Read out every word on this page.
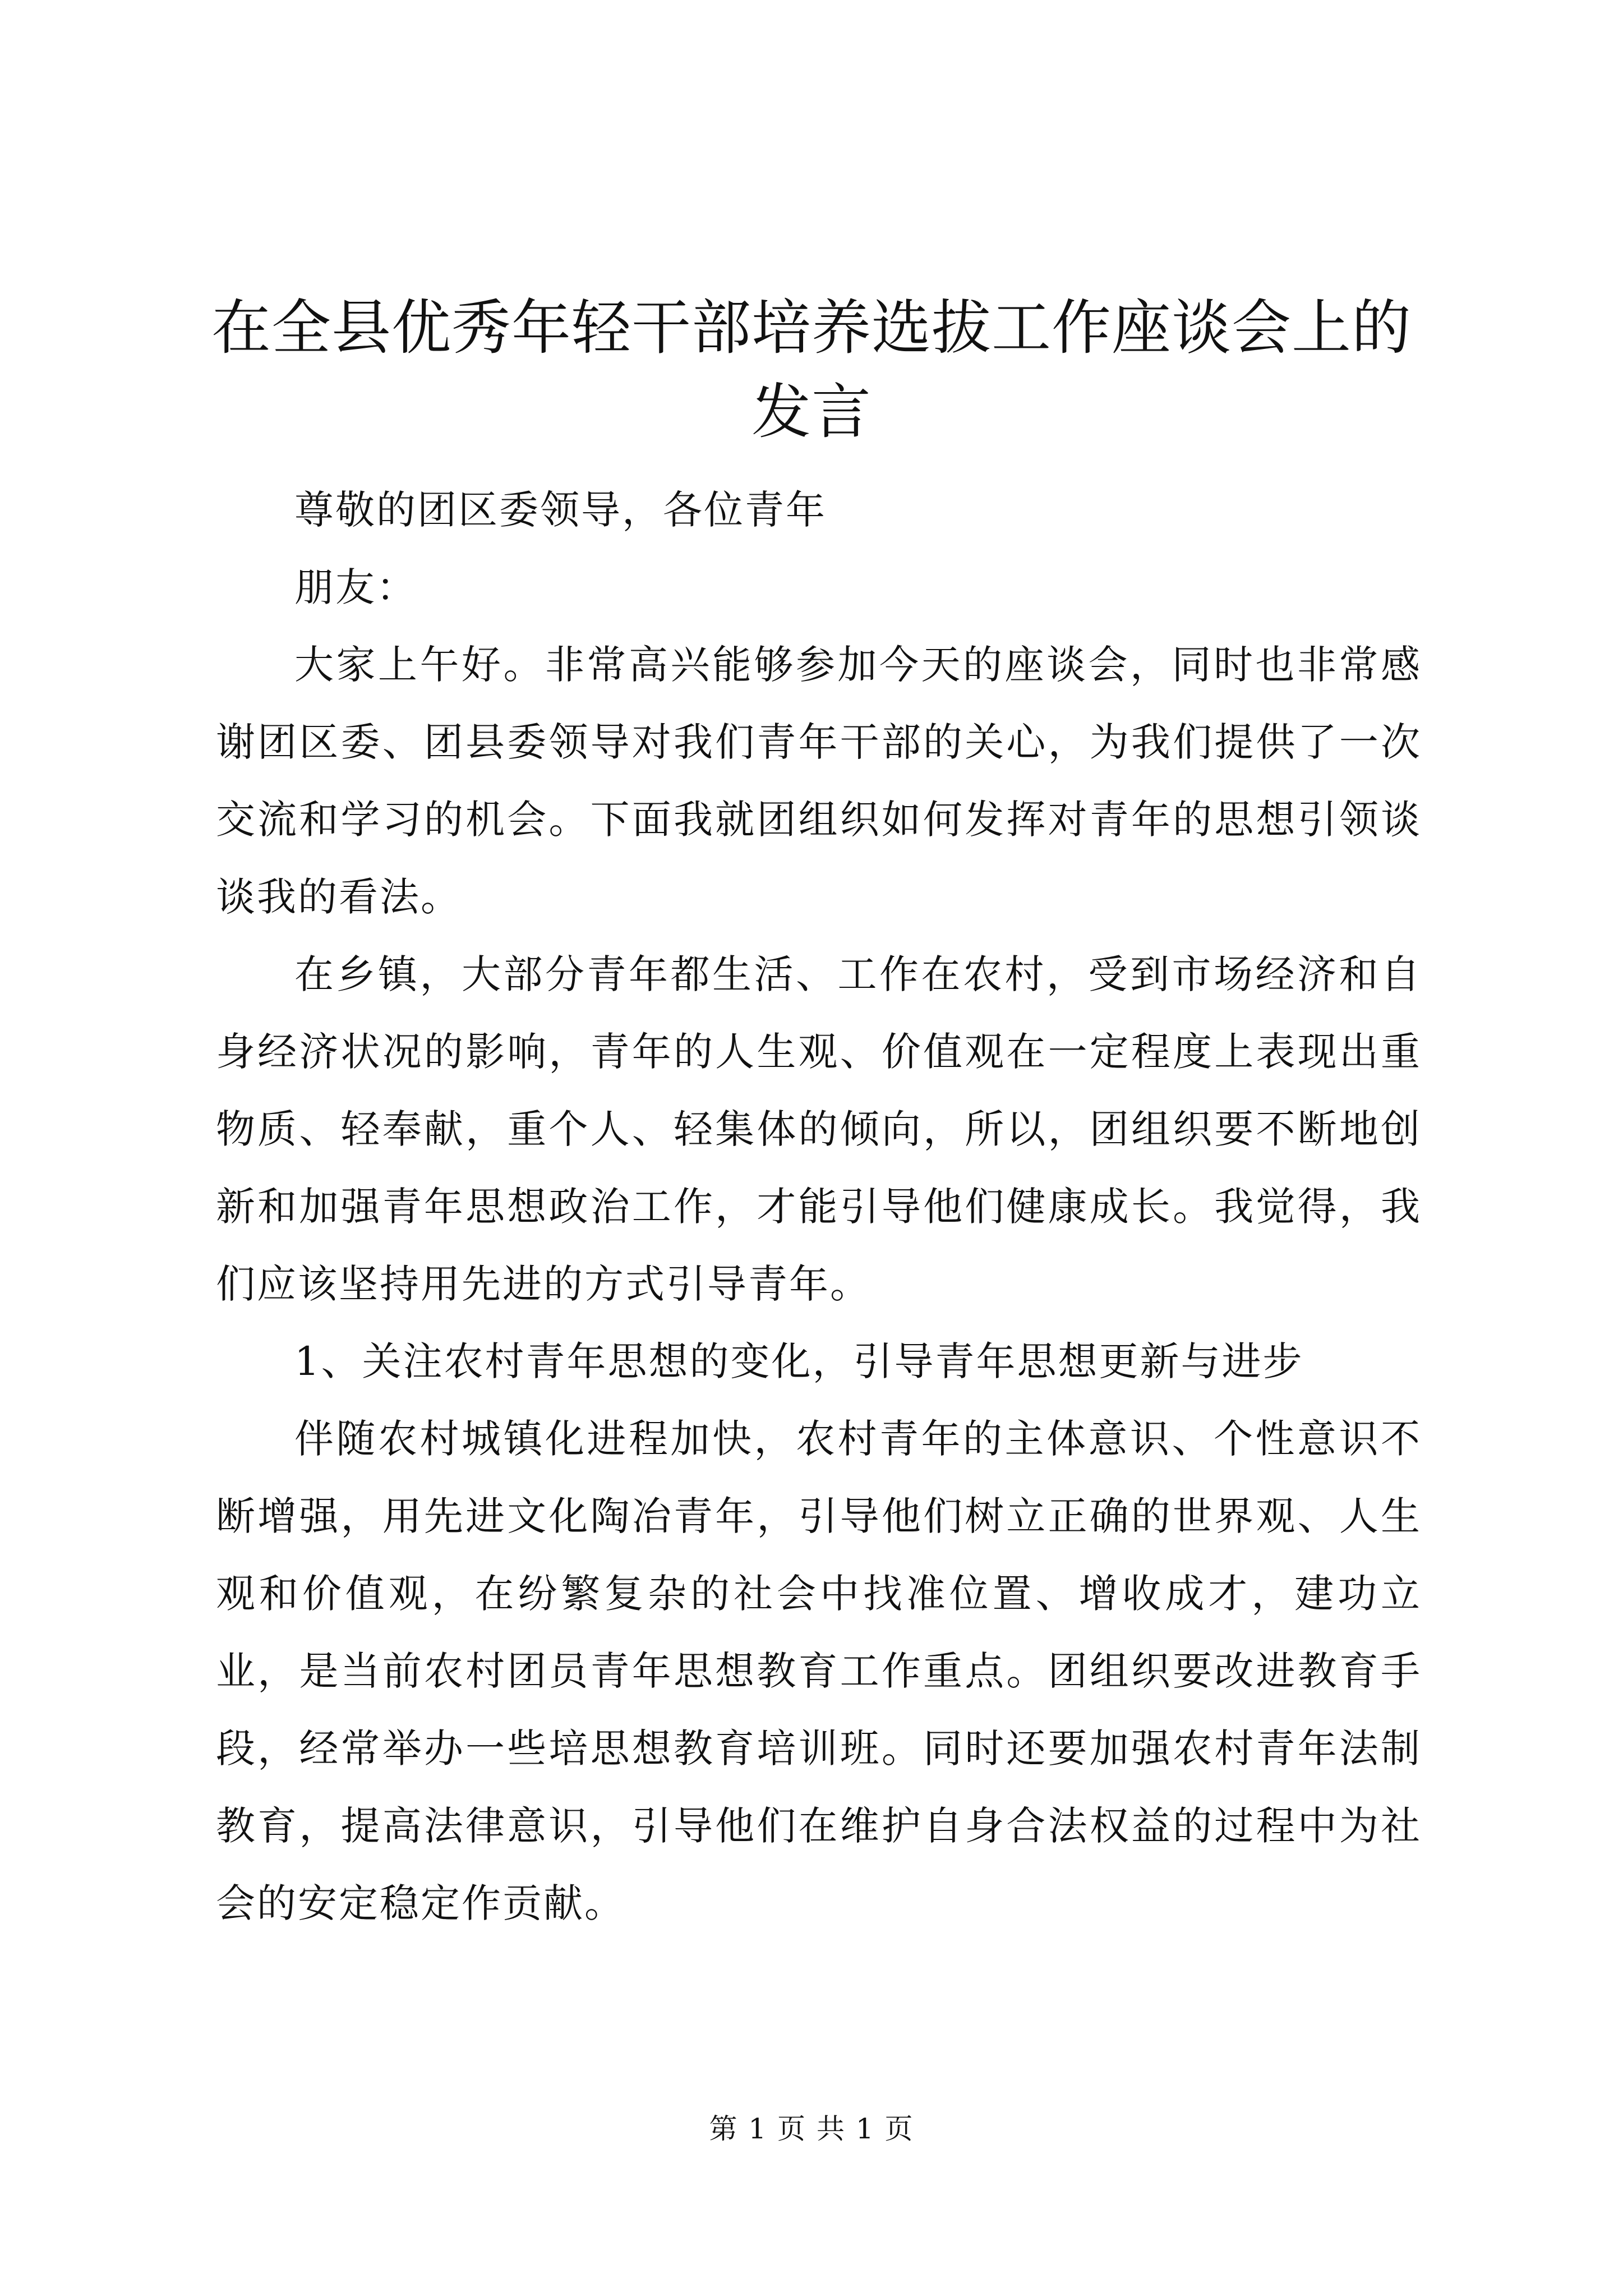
在全县优秀年轻干部培养选拔工作座谈会上的发言

尊敬的团区委领导，各位青年

朋友：

大家上午好。非常高兴能够参加今天的座谈会，同时也非常感谢团区委、团县委领导对我们青年干部的关心，为我们提供了一次交流和学习的机会。下面我就团组织如何发挥对青年的思想引领谈谈我的看法。

在乡镇，大部分青年都生活、工作在农村，受到市场经济和自身经济状况的影响，青年的人生观、价值观在一定程度上表现出重物质、轻奉献，重个人、轻集体的倾向，所以，团组织要不断地创新和加强青年思想政治工作，才能引导他们健康成长。我觉得，我们应该坚持用先进的方式引导青年。

1、关注农村青年思想的变化，引导青年思想更新与进步

伴随农村城镇化进程加快，农村青年的主体意识、个性意识不断增强，用先进文化陶冶青年，引导他们树立正确的世界观、人生观和价值观，在纷繁复杂的社会中找准位置、增收成才，建功立业，是当前农村团员青年思想教育工作重点。团组织要改进教育手段，经常举办一些培思想教育培训班。同时还要加强农村青年法制教育，提高法律意识，引导他们在维护自身合法权益的过程中为社会的安定稳定作贡献。

第 1 页 共 1 页
